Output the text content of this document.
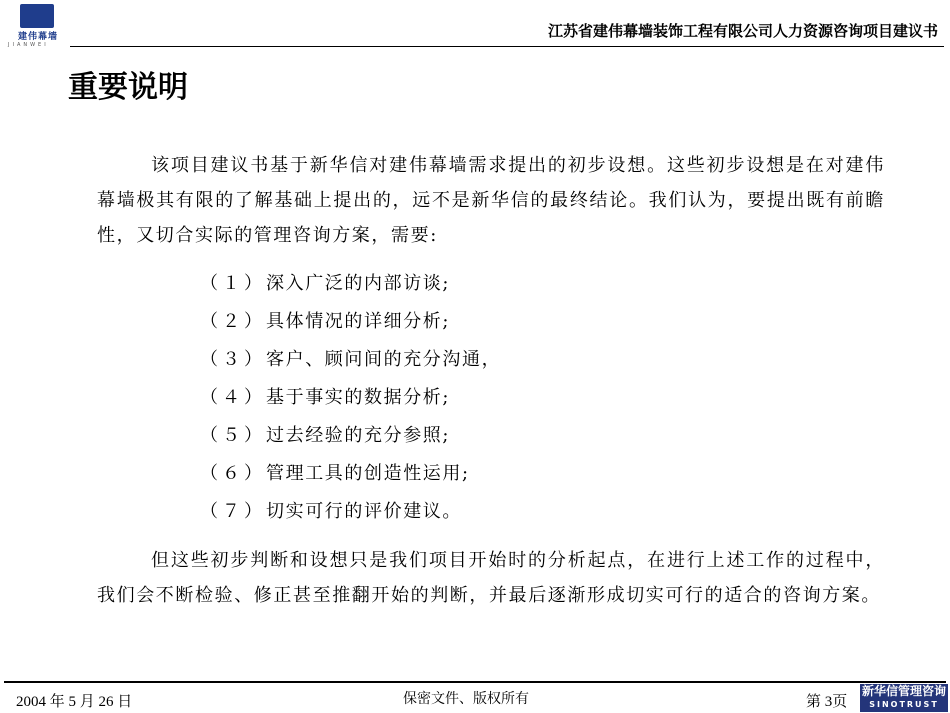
建伟幕墙
JIANWEI
江苏省建伟幕墙装饰工程有限公司人力资源咨询项目建议书
重要说明

该项目建议书基于新华信对建伟幕墙需求提出的初步设想。这些初步设想是在对建伟幕墙极其有限的了解基础上提出的，远不是新华信的最终结论。我们认为，要提出既有前瞻性，又切合实际的管理咨询方案，需要:

（１）深入广泛的内部访谈;
（２）具体情况的详细分析;
（３）客户、顾问间的充分沟通，
（４）基于事实的数据分析;
（５）过去经验的充分参照;
（６）管理工具的创造性运用;
（７）切实可行的评价建议。

但这些初步判断和设想只是我们项目开始时的分析起点，在进行上述工作的过程中，我们会不断检验、修正甚至推翻开始的判断，并最后逐渐形成切实可行的适合的咨询方案。

2004 年 5 月 26 日	保密文件、版权所有	第 3页
新华信管理咨询
SINOTRUST
